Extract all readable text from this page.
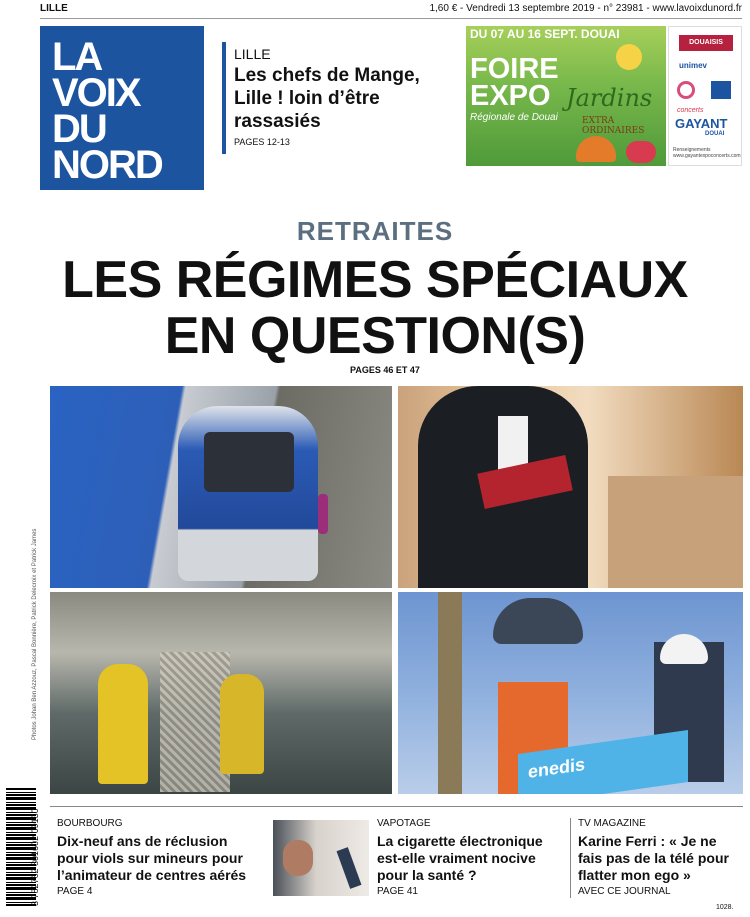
LILLE	1,60 € - Vendredi 13 septembre 2019 - n° 23981 - www.lavoixdunord.fr
LA
VOIX
DU
NORD
LILLE
Les chefs de Mange, Lille ! loin d’être rassasiés
PAGES 12-13
DU 07 AU 16 SEPT. DOUAI
FOIRE
EXPO
Régionale de Douai
Jardins
EXTRA ORDINAIRES
DOUAISIS
unimev
concerts
GAYANT
DOUAI
Renseignements www.gayantexpoconcerts.com
RETRAITES
LES RÉGIMES SPÉCIAUX
EN QUESTION(S)
PAGES 46 ET 47
enedis
Photos Johan Ben Azzouz, Pascal Bonnière, Patrick Delecroix et Patrick James
3 782762 801602 09130 BOURBOURG
Dix-neuf ans de réclusion pour viols sur mineurs pour l’animateur de centres aérés
PAGE 4
VAPOTAGE
La cigarette électronique est-elle vraiment nocive pour la santé ?
PAGE 41
TV MAGAZINE
Karine Ferri : « Je ne fais pas de la télé pour flatter mon ego »
AVEC CE JOURNAL
1028.
